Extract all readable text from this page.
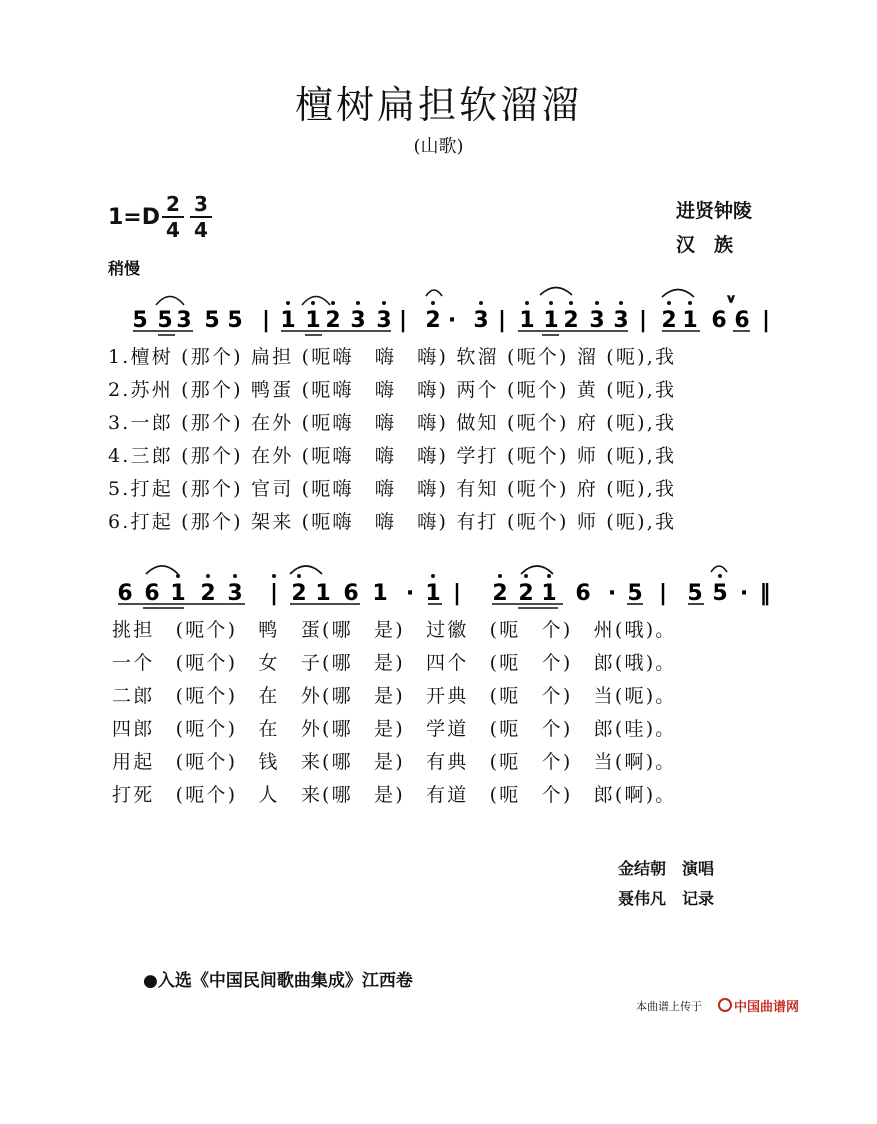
檀树扁担软溜溜
(山歌)
1=D
2
4
3
4
稍慢
进贤钟陵
汉　族
5 5 3 5 5 | 1 1 2 3 3 | 2 · 3 | 1 1 2 3 3 | 2 1 6 6 |
v
6 6 1 2 3 | 2 1 6 1 · 1 | 2 2 1 6 · 5 | 5 5 · ‖
1.檀树 (那个) 扁担 (呃嗨　嗨　嗨) 软溜 (呃个) 溜 (呃),我
2.苏州 (那个) 鸭蛋 (呃嗨　嗨　嗨) 两个 (呃个) 黄 (呃),我
3.一郎 (那个) 在外 (呃嗨　嗨　嗨) 做知 (呃个) 府 (呃),我
4.三郎 (那个) 在外 (呃嗨　嗨　嗨) 学打 (呃个) 师 (呃),我
5.打起 (那个) 官司 (呃嗨　嗨　嗨) 有知 (呃个) 府 (呃),我
6.打起 (那个) 架来 (呃嗨　嗨　嗨) 有打 (呃个) 师 (呃),我
挑担　(呃个)　鸭　蛋(哪　是)　过徽　(呃　个)　州(哦)。
一个　(呃个)　女　子(哪　是)　四个　(呃　个)　郎(哦)。
二郎　(呃个)　在　外(哪　是)　开典　(呃　个)　当(呃)。
四郎　(呃个)　在　外(哪　是)　学道　(呃　个)　郎(哇)。
用起　(呃个)　钱　来(哪　是)　有典　(呃　个)　当(啊)。
打死　(呃个)　人　来(哪　是)　有道　(呃　个)　郎(啊)。
金结朝　演唱
聂伟凡　记录
●入选《中国民间歌曲集成》江西卷
本曲谱上传于	中国曲谱网
